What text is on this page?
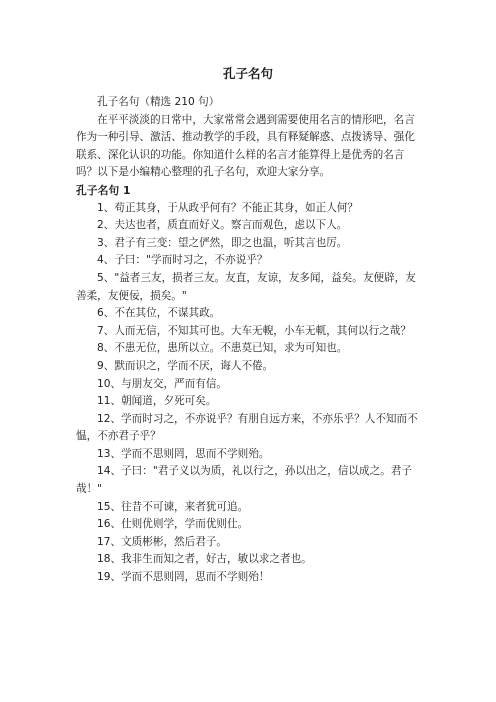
孔子名句

孔子名句（精选 210 句）

在平平淡淡的日常中，大家常常会遇到需要使用名言的情形吧，名言作为一种引导、激活、推动教学的手段，具有释疑解惑、点拨诱导、强化联系、深化认识的功能。你知道什么样的名言才能算得上是优秀的名言吗？以下是小编精心整理的孔子名句，欢迎大家分享。

孔子名句 1

1、苟正其身，于从政乎何有？不能正其身，如正人何？

2、夫达也者，质直而好义。察言而观色，虑以下人。

3、君子有三变：望之俨然，即之也温，听其言也厉。

4、子曰："学而时习之，不亦说乎？

5、"益者三友，损者三友。友直，友谅，友多闻，益矣。友便辟，友善柔，友便佞，损矣。"

6、不在其位，不谋其政。

7、人而无信，不知其可也。大车无輗，小车无軏，其何以行之哉？

8、不患无位，患所以立。不患莫已知，求为可知也。

9、默而识之，学而不厌，诲人不倦。

10、与朋友交，严而有信。

11、朝闻道，夕死可矣。

12、学而时习之，不亦说乎？有朋自远方来，不亦乐乎？人不知而不愠，不亦君子乎？

13、学而不思则罔，思而不学则殆。

14、子曰："君子义以为质，礼以行之，孙以出之，信以成之。君子哉！"

15、往昔不可谏，来者犹可追。

16、仕则优则学，学而优则仕。

17、文质彬彬，然后君子。

18、我非生而知之者，好古，敏以求之者也。

19、学而不思则罔，思而不学则殆！
